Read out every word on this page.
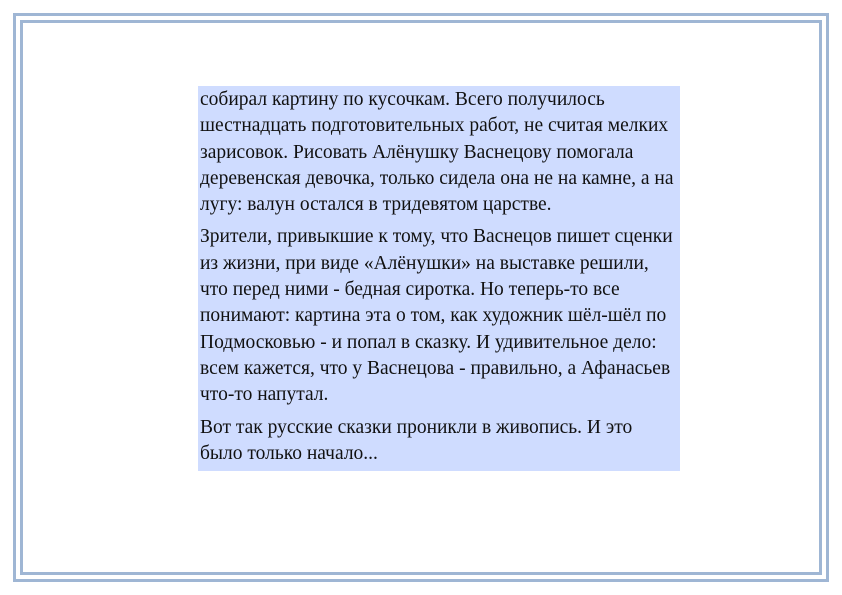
собирал картину по кусочкам. Всего получилось шестнадцать подготовительных работ, не считая мелких зарисовок. Рисовать Алёнушку Васнецову помогала деревенская девочка, только сидела она не на камне, а на лугу: валун остался в тридевятом царстве.

Зрители, привыкшие к тому, что Васнецов пишет сценки из жизни, при виде «Алёнушки» на выставке решили, что перед ними - бедная сиротка. Но теперь-то все понимают: картина эта о том, как художник шёл-шёл по Подмосковью - и попал в сказку. И удивительное дело: всем кажется, что у Васнецова - правильно, а Афанасьев что-то напутал.

Вот так русские сказки проникли в живопись. И это было только начало...
